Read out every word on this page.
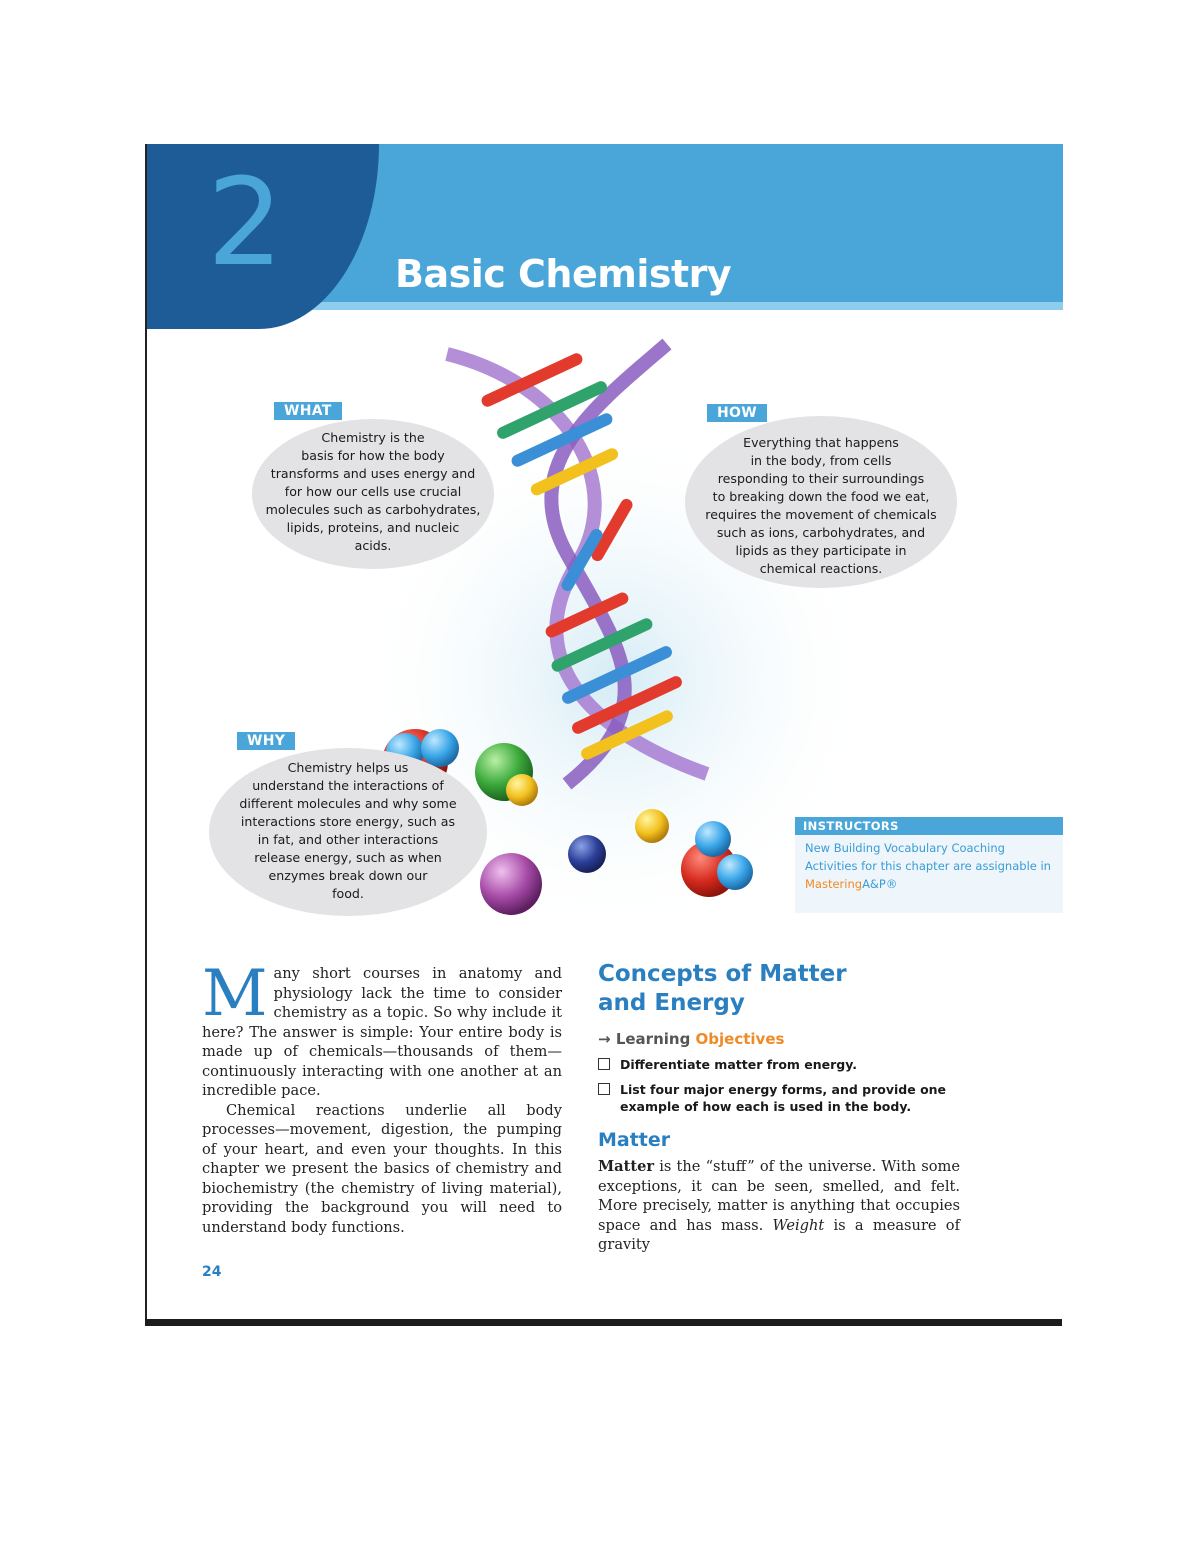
2	Basic Chemistry
WHAT
Chemistry is the
basis for how the body
transforms and uses energy and
for how our cells use crucial
molecules such as carbohydrates,
lipids, proteins, and nucleic
acids.
HOW
Everything that happens
in the body, from cells
responding to their surroundings
to breaking down the food we eat,
requires the movement of chemicals
such as ions, carbohydrates, and
lipids as they participate in
chemical reactions.
WHY
Chemistry helps us
understand the interactions of
different molecules and why some
interactions store energy, such as
in fat, and other interactions
release energy, such as when
enzymes break down our
food.
INSTRUCTORS
New Building Vocabulary Coaching Activities for this chapter are assignable in MasteringA&P®
M any short courses in anatomy and physiology lack the time to consider chemistry as a topic. So why include it here? The answer is simple: Your entire body is made up of chemicals—thousands of them—continuously interacting with one another at an incredible pace.

Chemical reactions underlie all body processes—movement, digestion, the pumping of your heart, and even your thoughts. In this chapter we present the basics of chemistry and biochemistry (the chemistry of living material), providing the background you will need to understand body functions.

Concepts of Matter
and Energy
→ Learning Objectives
Differentiate matter from energy.
List four major energy forms, and provide one example of how each is used in the body.
Matter
Matter is the “stuff” of the universe. With some exceptions, it can be seen, smelled, and felt. More precisely, matter is anything that occupies space and has mass. Weight is a measure of gravity
24
